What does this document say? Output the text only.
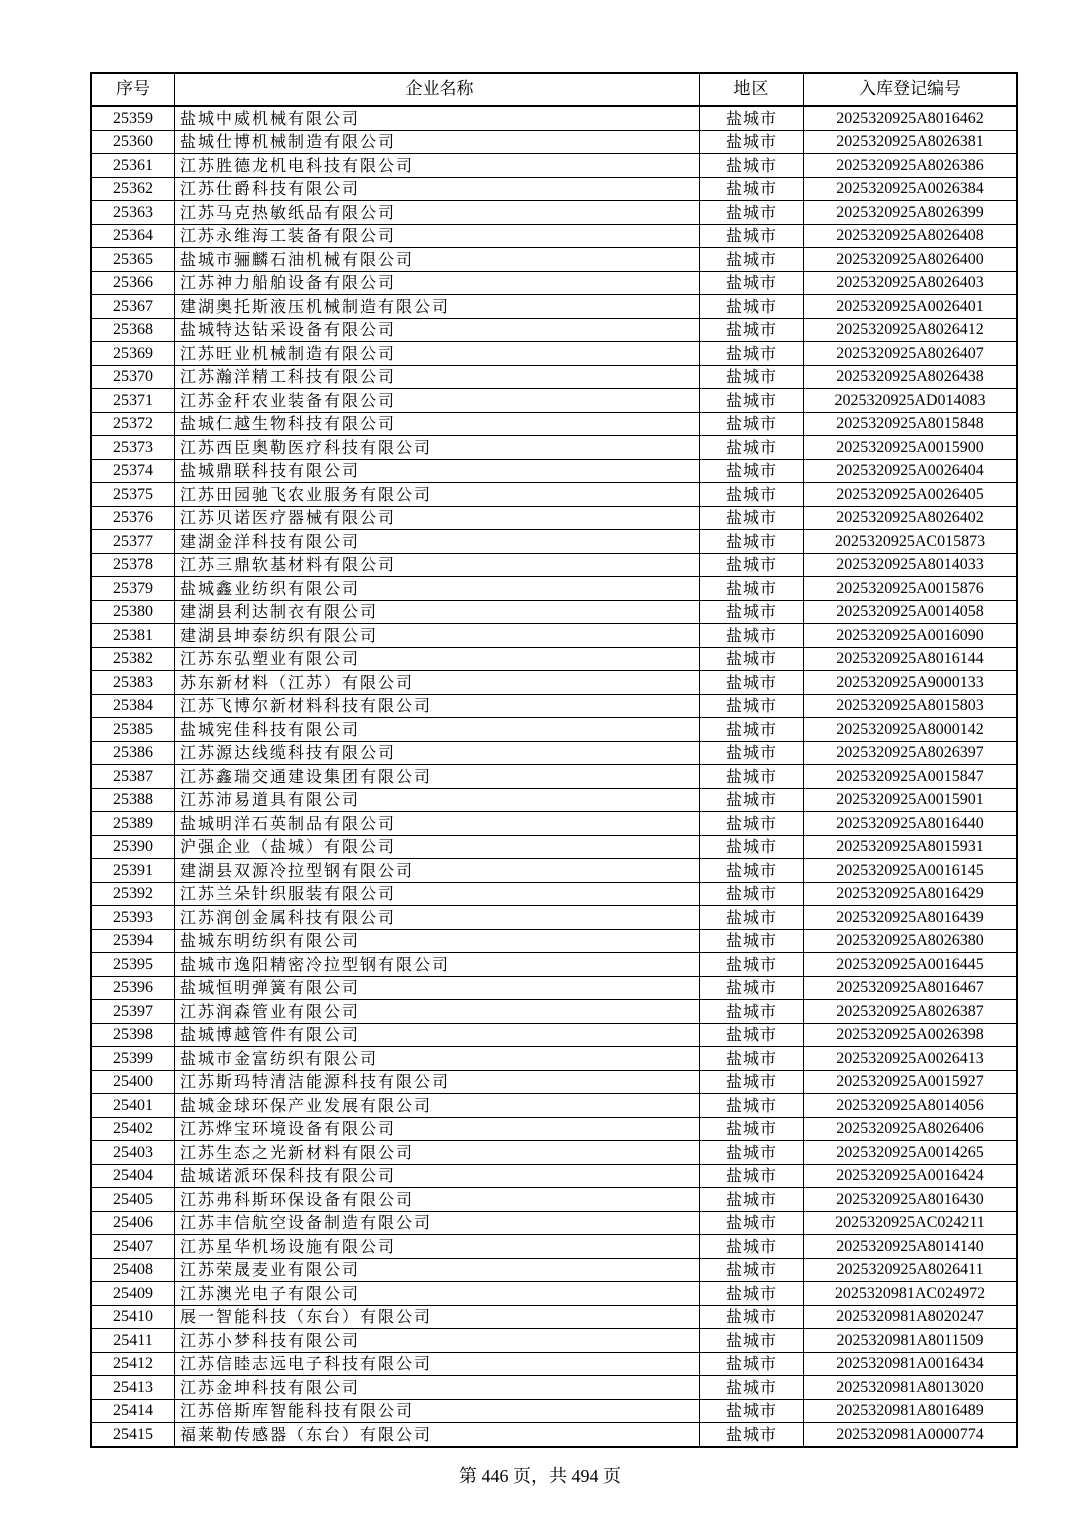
序号	企业名称	地区	入库登记编号
25359	盐城中威机械有限公司	盐城市	2025320925A8016462
25360	盐城仕博机械制造有限公司	盐城市	2025320925A8026381
25361	江苏胜德龙机电科技有限公司	盐城市	2025320925A8026386
25362	江苏仕爵科技有限公司	盐城市	2025320925A0026384
25363	江苏马克热敏纸品有限公司	盐城市	2025320925A8026399
25364	江苏永维海工装备有限公司	盐城市	2025320925A8026408
25365	盐城市骊麟石油机械有限公司	盐城市	2025320925A8026400
25366	江苏神力船舶设备有限公司	盐城市	2025320925A8026403
25367	建湖奥托斯液压机械制造有限公司	盐城市	2025320925A0026401
25368	盐城特达钻采设备有限公司	盐城市	2025320925A8026412
25369	江苏旺业机械制造有限公司	盐城市	2025320925A8026407
25370	江苏瀚洋精工科技有限公司	盐城市	2025320925A8026438
25371	江苏金秆农业装备有限公司	盐城市	2025320925AD014083
25372	盐城仁越生物科技有限公司	盐城市	2025320925A8015848
25373	江苏西臣奥勒医疗科技有限公司	盐城市	2025320925A0015900
25374	盐城鼎联科技有限公司	盐城市	2025320925A0026404
25375	江苏田园驰飞农业服务有限公司	盐城市	2025320925A0026405
25376	江苏贝诺医疗器械有限公司	盐城市	2025320925A8026402
25377	建湖金洋科技有限公司	盐城市	2025320925AC015873
25378	江苏三鼎软基材料有限公司	盐城市	2025320925A8014033
25379	盐城鑫业纺织有限公司	盐城市	2025320925A0015876
25380	建湖县利达制衣有限公司	盐城市	2025320925A0014058
25381	建湖县坤泰纺织有限公司	盐城市	2025320925A0016090
25382	江苏东弘塑业有限公司	盐城市	2025320925A8016144
25383	苏东新材料（江苏）有限公司	盐城市	2025320925A9000133
25384	江苏飞博尔新材料科技有限公司	盐城市	2025320925A8015803
25385	盐城宪佳科技有限公司	盐城市	2025320925A8000142
25386	江苏源达线缆科技有限公司	盐城市	2025320925A8026397
25387	江苏鑫瑞交通建设集团有限公司	盐城市	2025320925A0015847
25388	江苏沛易道具有限公司	盐城市	2025320925A0015901
25389	盐城明洋石英制品有限公司	盐城市	2025320925A8016440
25390	沪强企业（盐城）有限公司	盐城市	2025320925A8015931
25391	建湖县双源冷拉型钢有限公司	盐城市	2025320925A0016145
25392	江苏兰朵针织服装有限公司	盐城市	2025320925A8016429
25393	江苏润创金属科技有限公司	盐城市	2025320925A8016439
25394	盐城东明纺织有限公司	盐城市	2025320925A8026380
25395	盐城市逸阳精密冷拉型钢有限公司	盐城市	2025320925A0016445
25396	盐城恒明弹簧有限公司	盐城市	2025320925A8016467
25397	江苏润森管业有限公司	盐城市	2025320925A8026387
25398	盐城博越管件有限公司	盐城市	2025320925A0026398
25399	盐城市金富纺织有限公司	盐城市	2025320925A0026413
25400	江苏斯玛特清洁能源科技有限公司	盐城市	2025320925A0015927
25401	盐城金球环保产业发展有限公司	盐城市	2025320925A8014056
25402	江苏烨宝环境设备有限公司	盐城市	2025320925A8026406
25403	江苏生态之光新材料有限公司	盐城市	2025320925A0014265
25404	盐城诺派环保科技有限公司	盐城市	2025320925A0016424
25405	江苏弗科斯环保设备有限公司	盐城市	2025320925A8016430
25406	江苏丰信航空设备制造有限公司	盐城市	2025320925AC024211
25407	江苏星华机场设施有限公司	盐城市	2025320925A8014140
25408	江苏荣晟麦业有限公司	盐城市	2025320925A8026411
25409	江苏澳光电子有限公司	盐城市	2025320981AC024972
25410	展一智能科技（东台）有限公司	盐城市	2025320981A8020247
25411	江苏小梦科技有限公司	盐城市	2025320981A8011509
25412	江苏信睦志远电子科技有限公司	盐城市	2025320981A0016434
25413	江苏金坤科技有限公司	盐城市	2025320981A8013020
25414	江苏倍斯库智能科技有限公司	盐城市	2025320981A8016489
25415	福莱勒传感器（东台）有限公司	盐城市	2025320981A0000774
第 446 页，共 494 页
